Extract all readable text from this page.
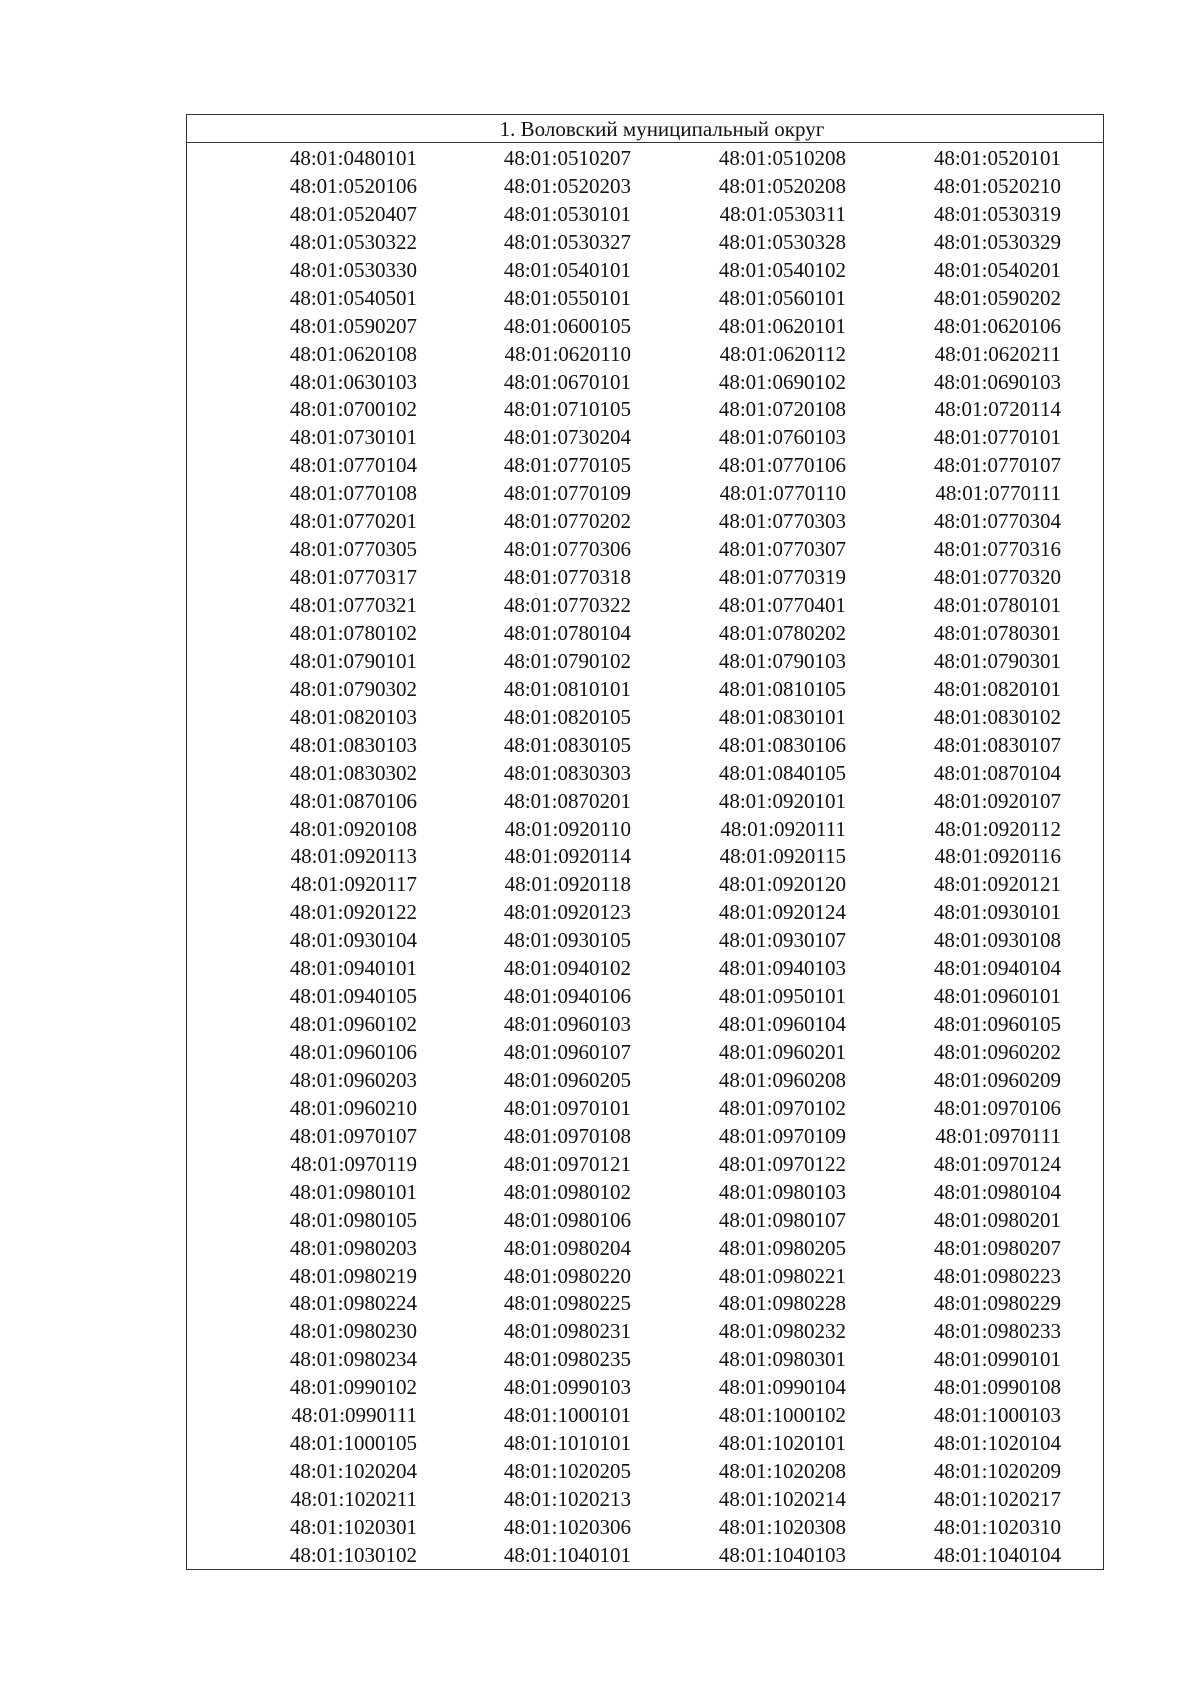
1. Воловский муниципальный округ
48:01:0480101	48:01:0510207	48:01:0510208	48:01:0520101
48:01:0520106	48:01:0520203	48:01:0520208	48:01:0520210
48:01:0520407	48:01:0530101	48:01:0530311	48:01:0530319
48:01:0530322	48:01:0530327	48:01:0530328	48:01:0530329
48:01:0530330	48:01:0540101	48:01:0540102	48:01:0540201
48:01:0540501	48:01:0550101	48:01:0560101	48:01:0590202
48:01:0590207	48:01:0600105	48:01:0620101	48:01:0620106
48:01:0620108	48:01:0620110	48:01:0620112	48:01:0620211
48:01:0630103	48:01:0670101	48:01:0690102	48:01:0690103
48:01:0700102	48:01:0710105	48:01:0720108	48:01:0720114
48:01:0730101	48:01:0730204	48:01:0760103	48:01:0770101
48:01:0770104	48:01:0770105	48:01:0770106	48:01:0770107
48:01:0770108	48:01:0770109	48:01:0770110	48:01:0770111
48:01:0770201	48:01:0770202	48:01:0770303	48:01:0770304
48:01:0770305	48:01:0770306	48:01:0770307	48:01:0770316
48:01:0770317	48:01:0770318	48:01:0770319	48:01:0770320
48:01:0770321	48:01:0770322	48:01:0770401	48:01:0780101
48:01:0780102	48:01:0780104	48:01:0780202	48:01:0780301
48:01:0790101	48:01:0790102	48:01:0790103	48:01:0790301
48:01:0790302	48:01:0810101	48:01:0810105	48:01:0820101
48:01:0820103	48:01:0820105	48:01:0830101	48:01:0830102
48:01:0830103	48:01:0830105	48:01:0830106	48:01:0830107
48:01:0830302	48:01:0830303	48:01:0840105	48:01:0870104
48:01:0870106	48:01:0870201	48:01:0920101	48:01:0920107
48:01:0920108	48:01:0920110	48:01:0920111	48:01:0920112
48:01:0920113	48:01:0920114	48:01:0920115	48:01:0920116
48:01:0920117	48:01:0920118	48:01:0920120	48:01:0920121
48:01:0920122	48:01:0920123	48:01:0920124	48:01:0930101
48:01:0930104	48:01:0930105	48:01:0930107	48:01:0930108
48:01:0940101	48:01:0940102	48:01:0940103	48:01:0940104
48:01:0940105	48:01:0940106	48:01:0950101	48:01:0960101
48:01:0960102	48:01:0960103	48:01:0960104	48:01:0960105
48:01:0960106	48:01:0960107	48:01:0960201	48:01:0960202
48:01:0960203	48:01:0960205	48:01:0960208	48:01:0960209
48:01:0960210	48:01:0970101	48:01:0970102	48:01:0970106
48:01:0970107	48:01:0970108	48:01:0970109	48:01:0970111
48:01:0970119	48:01:0970121	48:01:0970122	48:01:0970124
48:01:0980101	48:01:0980102	48:01:0980103	48:01:0980104
48:01:0980105	48:01:0980106	48:01:0980107	48:01:0980201
48:01:0980203	48:01:0980204	48:01:0980205	48:01:0980207
48:01:0980219	48:01:0980220	48:01:0980221	48:01:0980223
48:01:0980224	48:01:0980225	48:01:0980228	48:01:0980229
48:01:0980230	48:01:0980231	48:01:0980232	48:01:0980233
48:01:0980234	48:01:0980235	48:01:0980301	48:01:0990101
48:01:0990102	48:01:0990103	48:01:0990104	48:01:0990108
48:01:0990111	48:01:1000101	48:01:1000102	48:01:1000103
48:01:1000105	48:01:1010101	48:01:1020101	48:01:1020104
48:01:1020204	48:01:1020205	48:01:1020208	48:01:1020209
48:01:1020211	48:01:1020213	48:01:1020214	48:01:1020217
48:01:1020301	48:01:1020306	48:01:1020308	48:01:1020310
48:01:1030102	48:01:1040101	48:01:1040103	48:01:1040104
